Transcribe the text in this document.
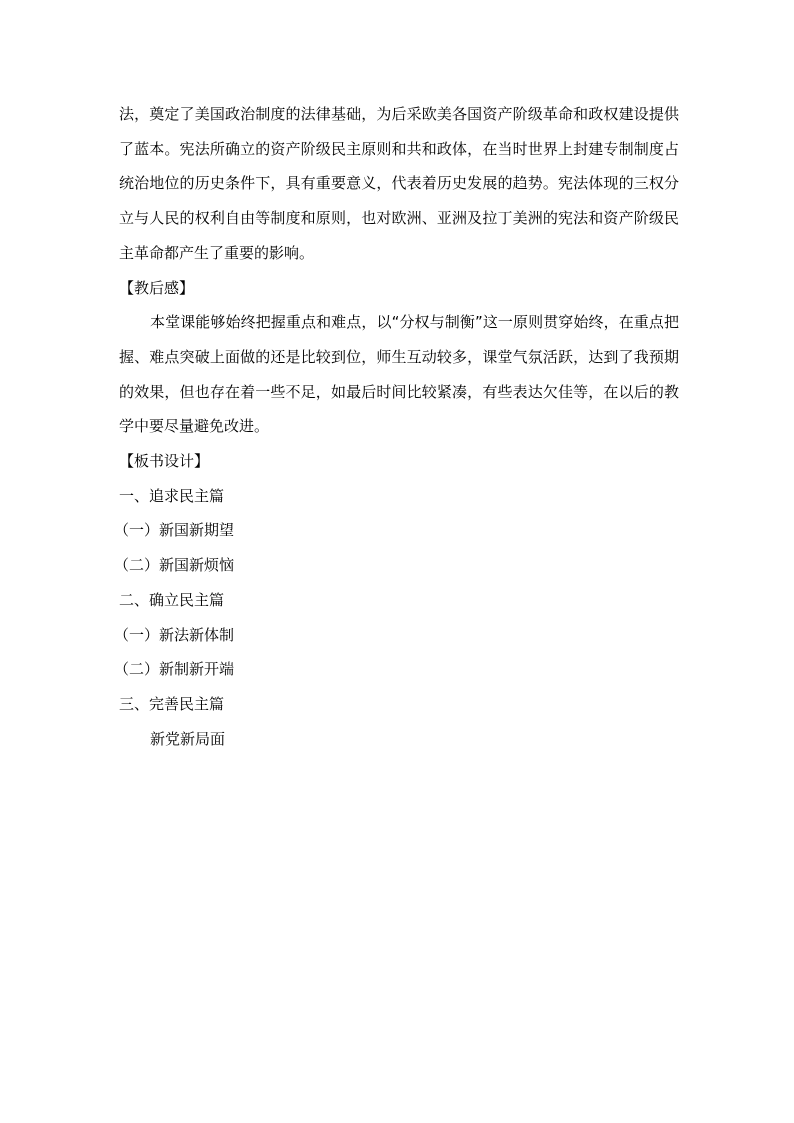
法，奠定了美国政治制度的法律基础，为后采欧美各国资产阶级革命和政权建设提供了蓝本。宪法所确立的资产阶级民主原则和共和政体，在当时世界上封建专制制度占统治地位的历史条件下，具有重要意义，代表着历史发展的趋势。宪法体现的三权分立与人民的权利自由等制度和原则，也对欧洲、亚洲及拉丁美洲的宪法和资产阶级民主革命都产生了重要的影响。

【教后感】

本堂课能够始终把握重点和难点，以“分权与制衡”这一原则贯穿始终，在重点把握、难点突破上面做的还是比较到位，师生互动较多，课堂气氛活跃，达到了我预期的效果，但也存在着一些不足，如最后时间比较紧凑，有些表达欠佳等，在以后的教学中要尽量避免改进。

【板书设计】

一、追求民主篇

（一）新国新期望

（二）新国新烦恼

二、确立民主篇

（一）新法新体制

（二）新制新开端

三、完善民主篇

新党新局面
